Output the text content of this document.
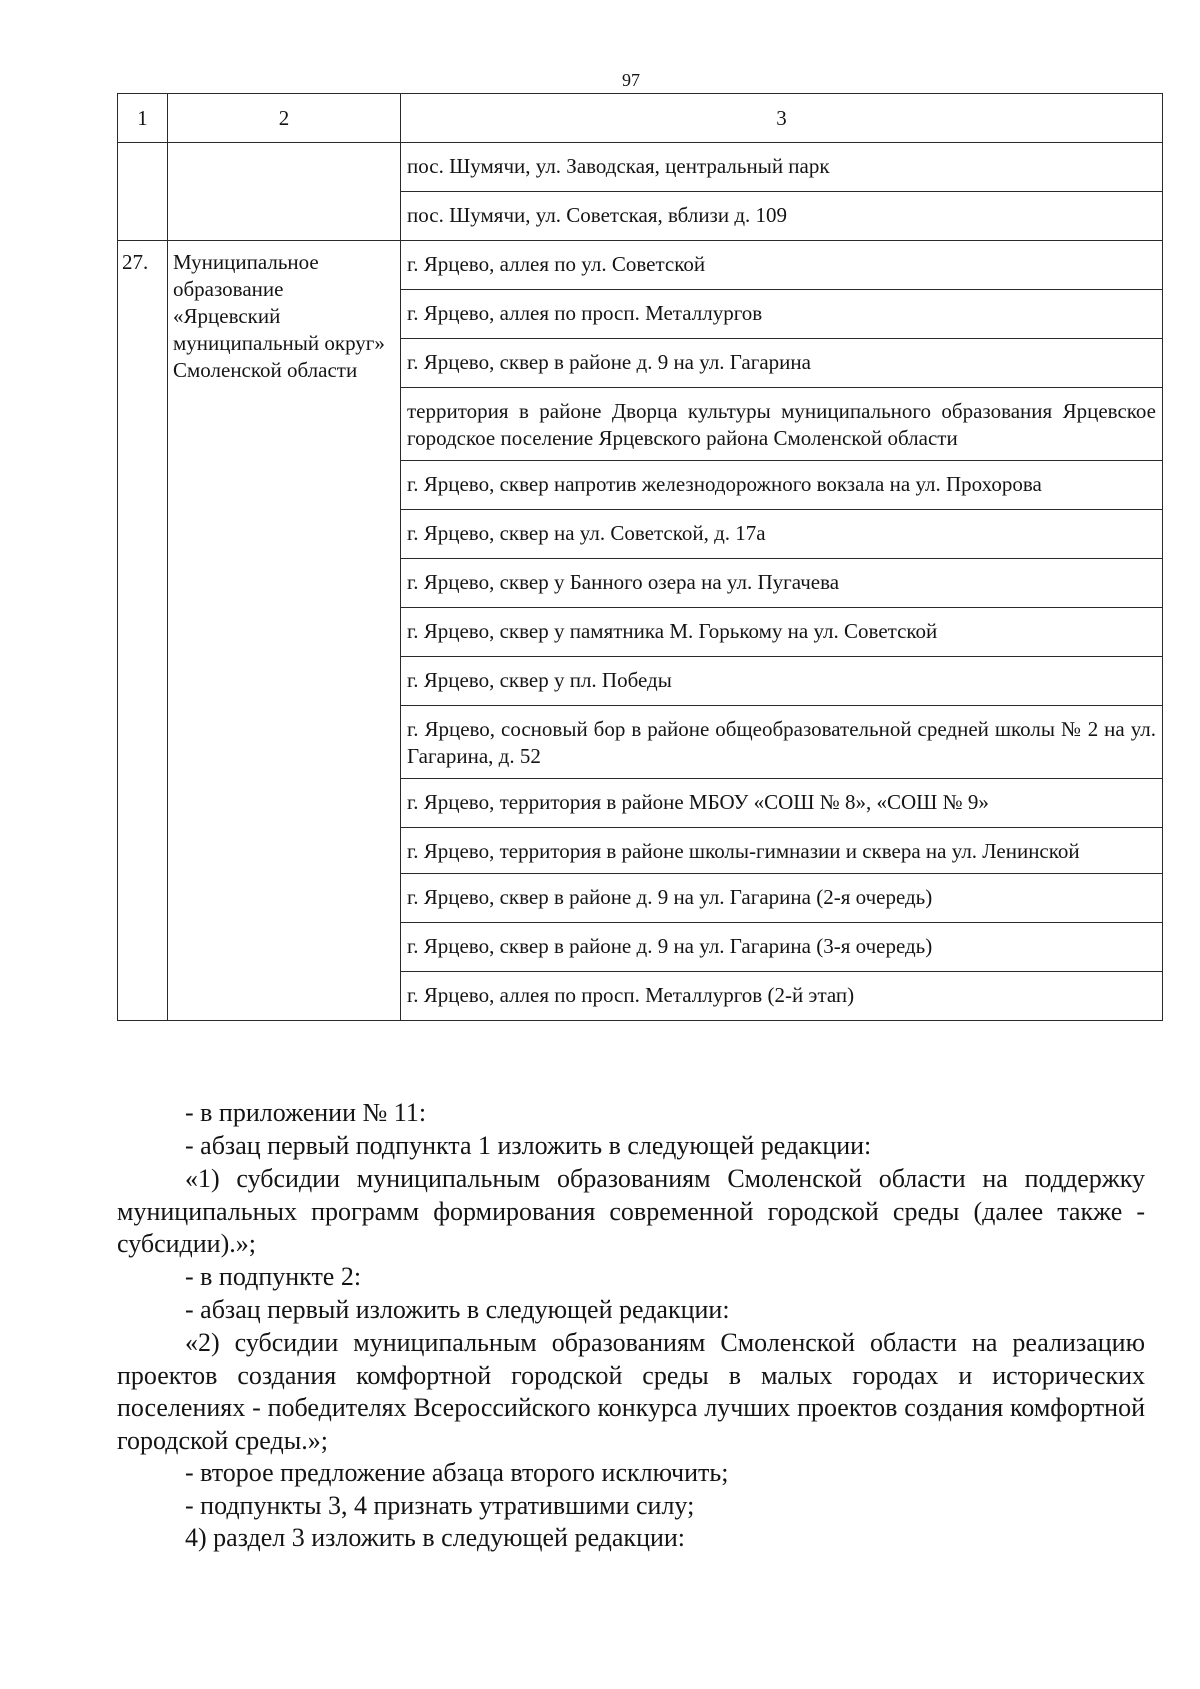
97
1	2	3
		пос. Шумячи, ул. Заводская, центральный парк
		пос. Шумячи, ул. Советская, вблизи д. 109
27.	Муниципальное образование «Ярцевский муниципальный округ» Смоленской области	г. Ярцево, аллея по ул. Советской
		г. Ярцево, аллея по просп. Металлургов
		г. Ярцево, сквер в районе д. 9 на ул. Гагарина
		территория в районе Дворца культуры муниципального образования Ярцевское городское поселение Ярцевского района Смоленской области
		г. Ярцево, сквер напротив железнодорожного вокзала на ул. Прохорова
		г. Ярцево, сквер на ул. Советской, д. 17а
		г. Ярцево, сквер у Банного озера на ул. Пугачева
		г. Ярцево, сквер у памятника М. Горькому на ул. Советской
		г. Ярцево, сквер у пл. Победы
		г. Ярцево, сосновый бор в районе общеобразовательной средней школы № 2 на ул. Гагарина, д. 52
		г. Ярцево, территория в районе МБОУ «СОШ № 8», «СОШ № 9»
		г. Ярцево, территория в районе школы-гимназии и сквера на ул. Ленинской
		г. Ярцево, сквер в районе д. 9 на ул. Гагарина (2-я очередь)
		г. Ярцево, сквер в районе д. 9 на ул. Гагарина (3-я очередь)
		г. Ярцево, аллея по просп. Металлургов (2-й этап)
- в приложении № 11:
- абзац первый подпункта 1 изложить в следующей редакции:
«1) субсидии муниципальным образованиям Смоленской области на поддержку муниципальных программ формирования современной городской среды (далее также - субсидии).»;
- в подпункте 2:
- абзац первый изложить в следующей редакции:
«2) субсидии муниципальным образованиям Смоленской области на реализацию проектов создания комфортной городской среды в малых городах и исторических поселениях - победителях Всероссийского конкурса лучших проектов создания комфортной городской среды.»;
- второе предложение абзаца второго исключить;
- подпункты 3, 4 признать утратившими силу;
4) раздел 3 изложить в следующей редакции:
